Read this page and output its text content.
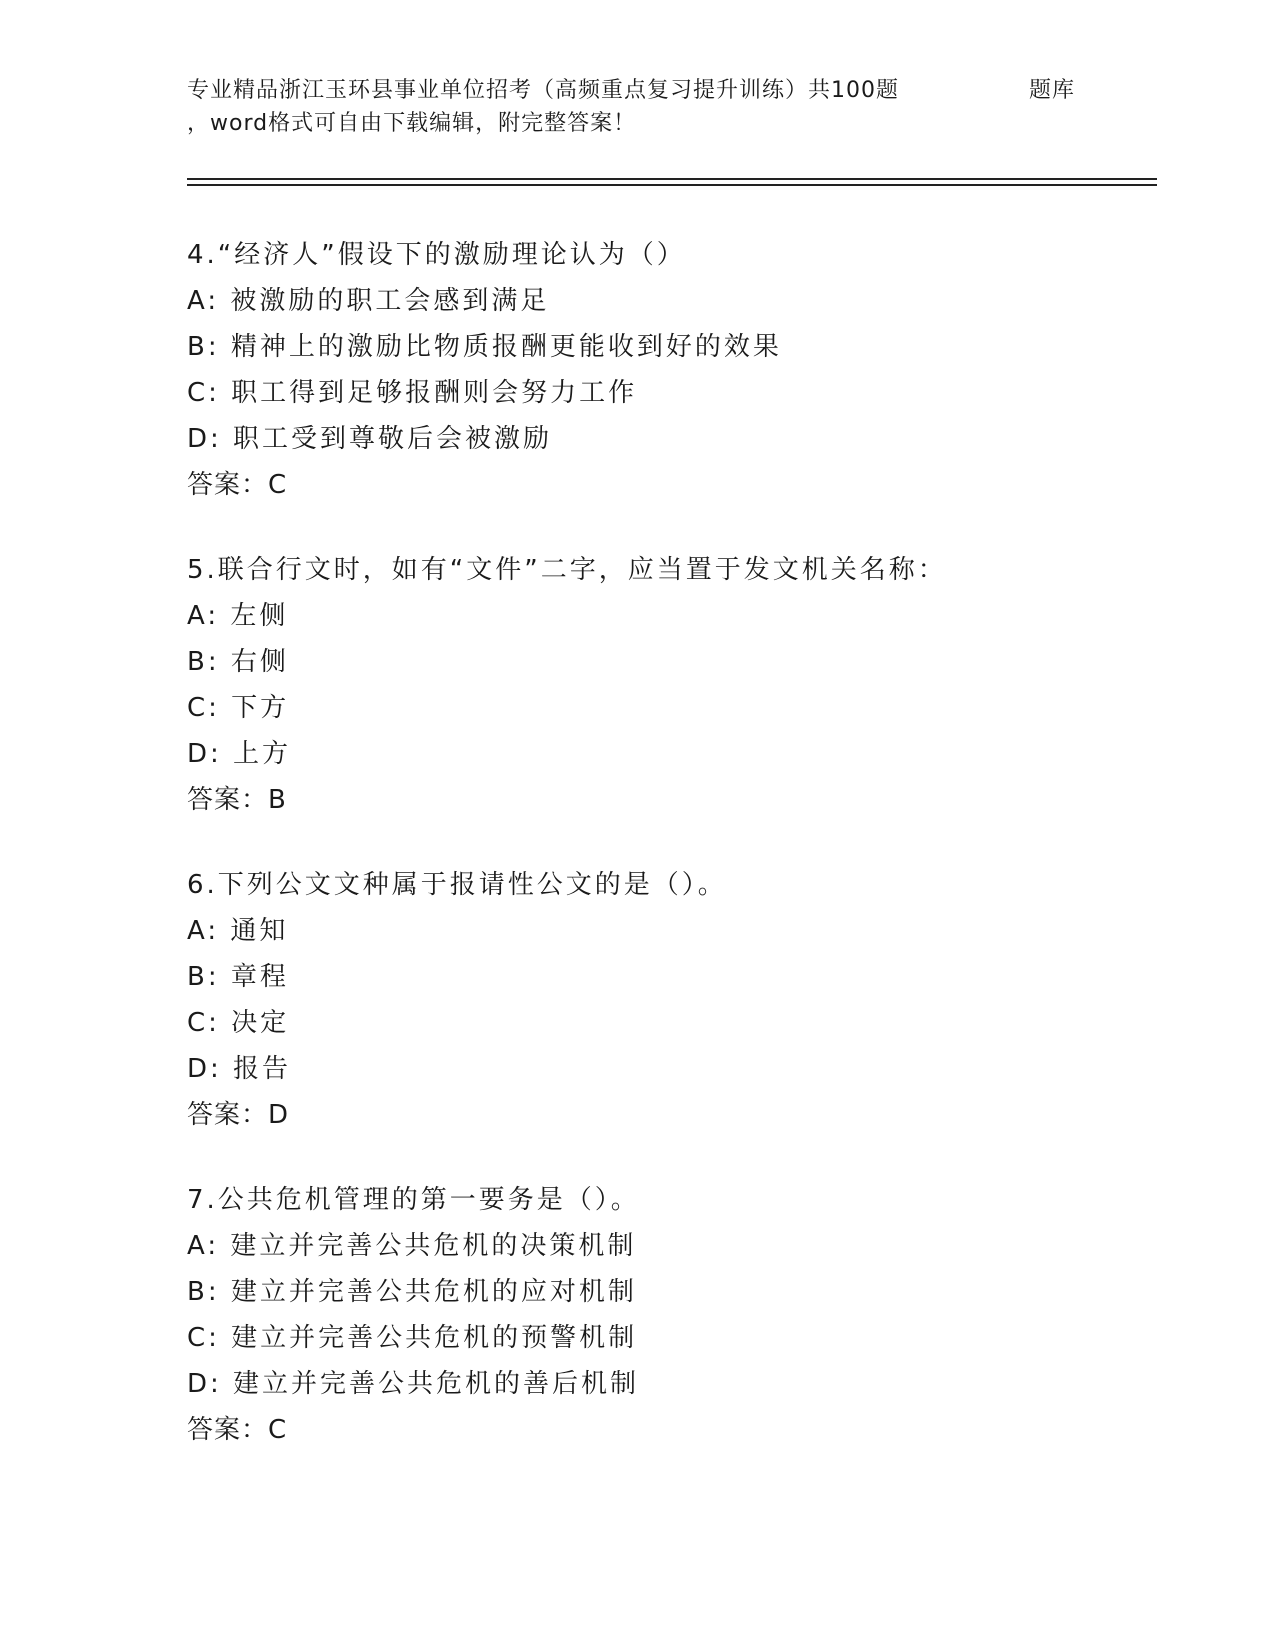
专业精品浙江玉环县事业单位招考（高频重点复习提升训练）共100题
，word格式可自由下载编辑，附完整答案！
题库
4.“经济人”假设下的激励理论认为（）
A: 被激励的职工会感到满足
B: 精神上的激励比物质报酬更能收到好的效果
C: 职工得到足够报酬则会努力工作
D: 职工受到尊敬后会被激励
答案：C
5.联合行文时，如有“文件”二字，应当置于发文机关名称：
A: 左侧
B: 右侧
C: 下方
D: 上方
答案：B
6.下列公文文种属于报请性公文的是（）。
A: 通知
B: 章程
C: 决定
D: 报告
答案：D
7.公共危机管理的第一要务是（）。
A: 建立并完善公共危机的决策机制
B: 建立并完善公共危机的应对机制
C: 建立并完善公共危机的预警机制
D: 建立并完善公共危机的善后机制
答案：C
